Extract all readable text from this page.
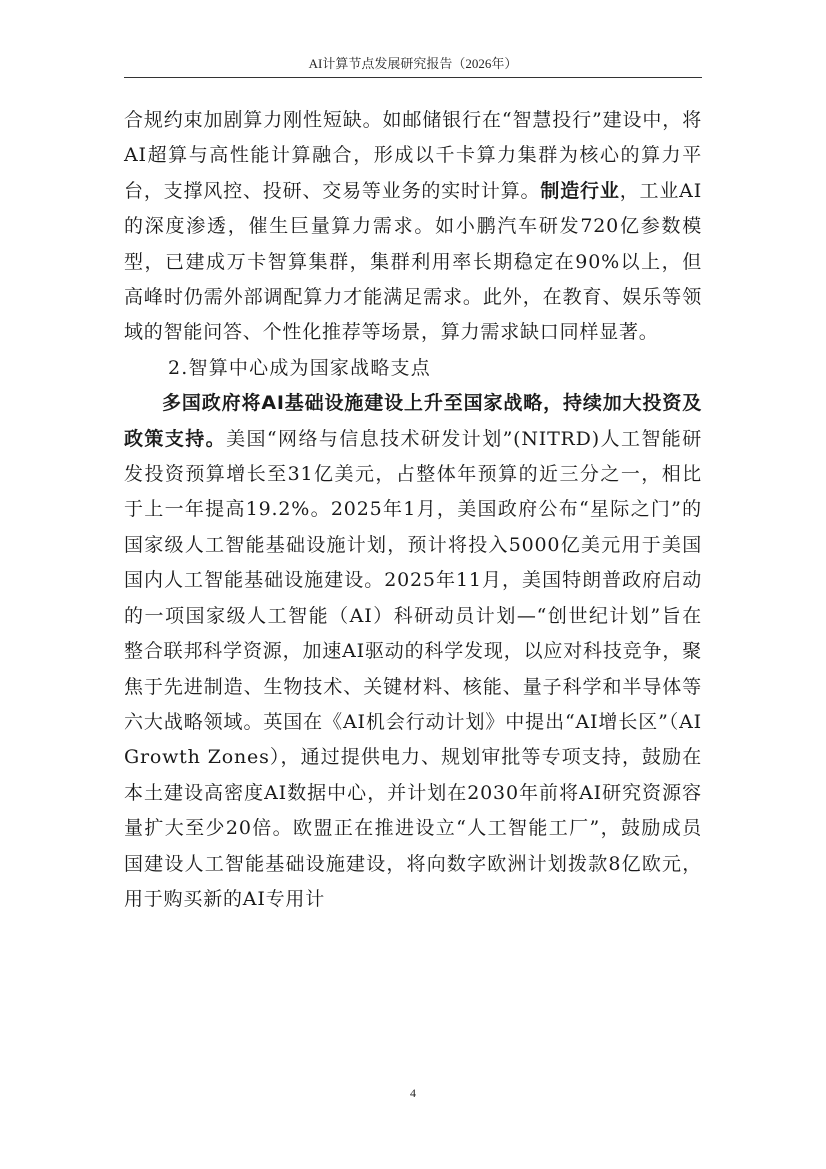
AI计算节点发展研究报告（2026年）

合规约束加剧算力刚性短缺。如邮储银行在“智慧投行”建设中，将AI超算与高性能计算融合，形成以千卡算力集群为核心的算力平台，支撑风控、投研、交易等业务的实时计算。制造行业，工业AI的深度渗透，催生巨量算力需求。如小鹏汽车研发720亿参数模型，已建成万卡智算集群，集群利用率长期稳定在90%以上，但高峰时仍需外部调配算力才能满足需求。此外，在教育、娱乐等领域的智能问答、个性化推荐等场景，算力需求缺口同样显著。

2.智算中心成为国家战略支点

多国政府将AI基础设施建设上升至国家战略，持续加大投资及政策支持。美国“网络与信息技术研发计划”(NITRD)人工智能研发投资预算增长至31亿美元，占整体年预算的近三分之一，相比于上一年提高19.2%。2025年1月，美国政府公布“星际之门”的国家级人工智能基础设施计划，预计将投入5000亿美元用于美国国内人工智能基础设施建设。2025年11月，美国特朗普政府启动的一项国家级人工智能（AI）科研动员计划—“创世纪计划”旨在整合联邦科学资源，加速AI驱动的科学发现，以应对科技竞争，聚焦于先进制造、生物技术、关键材料、核能、量子科学和半导体等六大战略领域。英国在《AI机会行动计划》中提出“AI增长区”（AI Growth Zones），通过提供电力、规划审批等专项支持，鼓励在本土建设高密度AI数据中心，并计划在2030年前将AI研究资源容量扩大至少20倍。欧盟正在推进设立“人工智能工厂”，鼓励成员国建设人工智能基础设施建设，将向数字欧洲计划拨款8亿欧元，用于购买新的AI专用计

4
